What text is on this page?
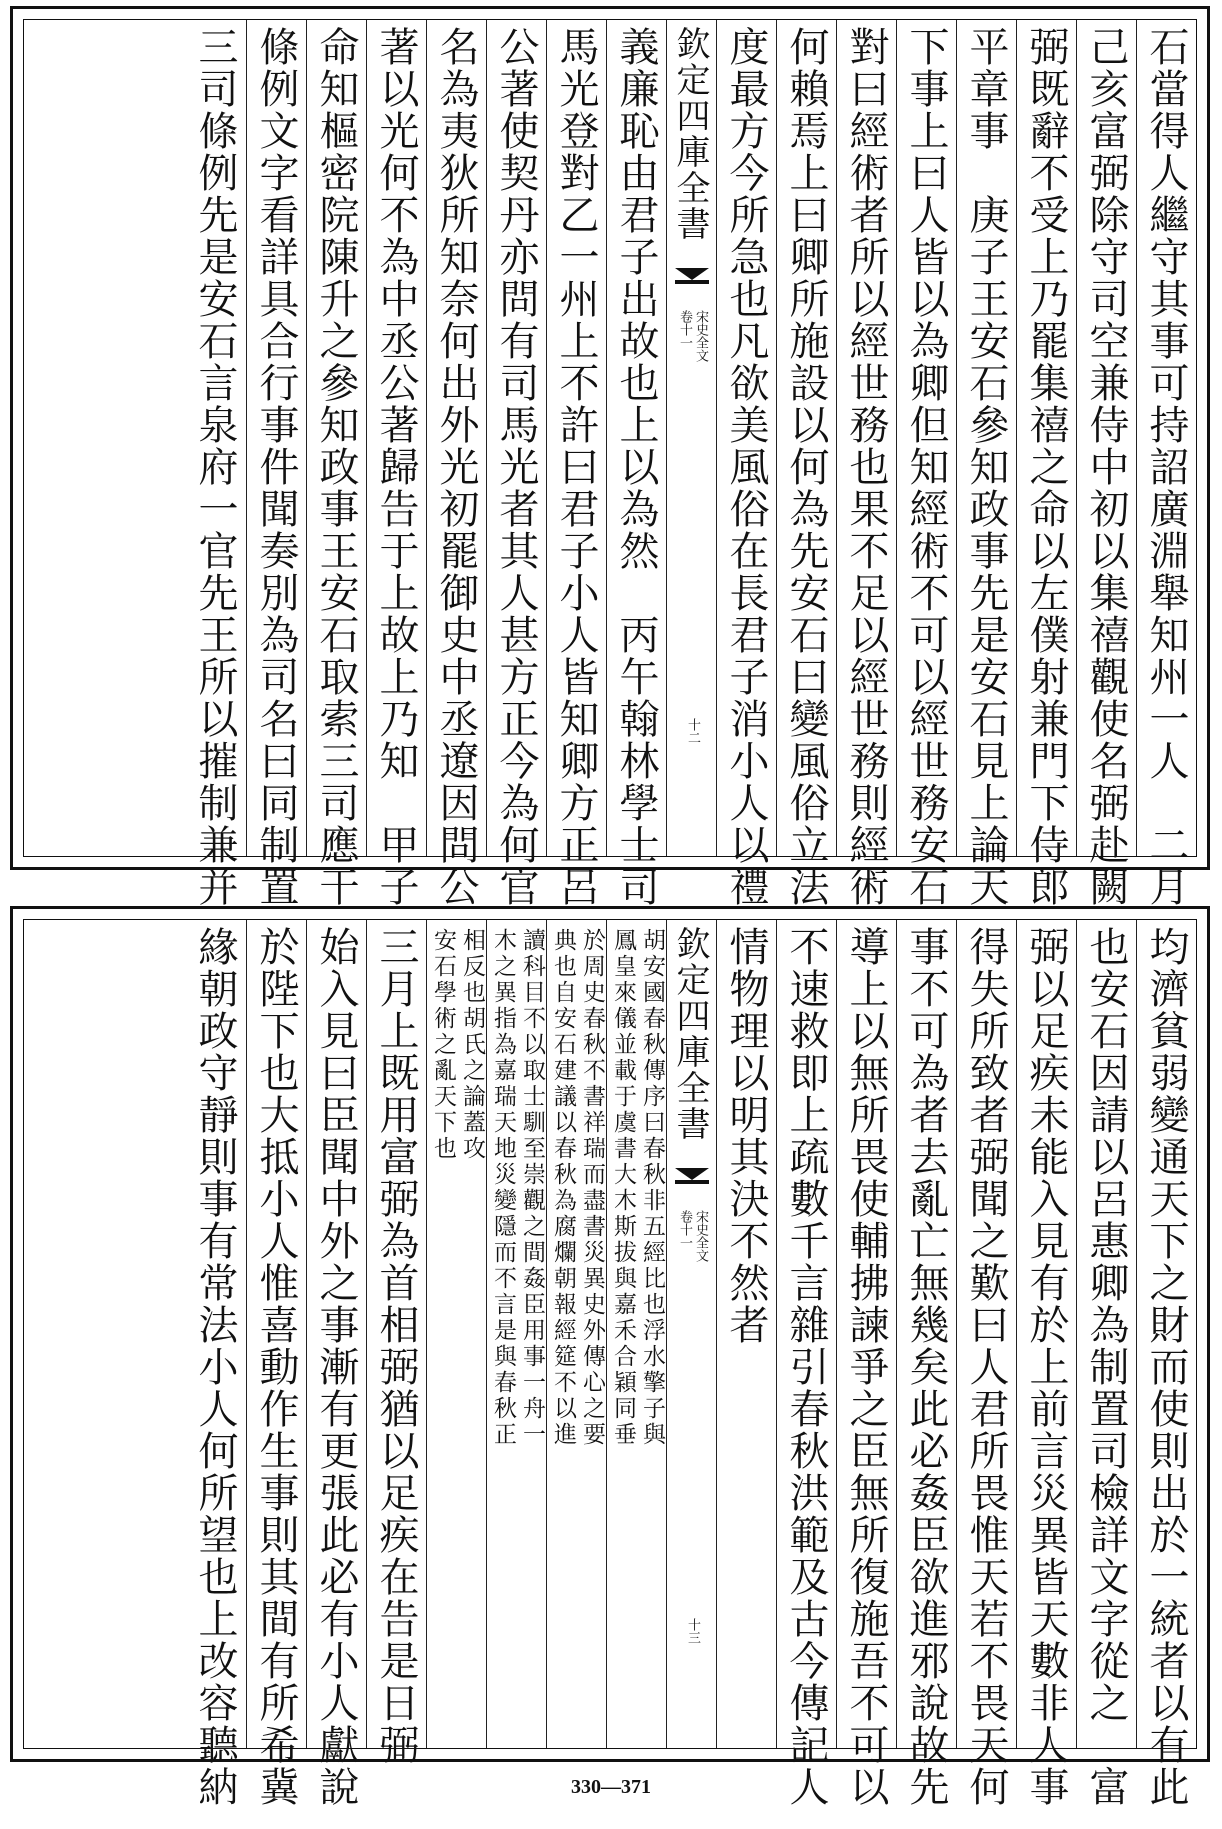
石當得人繼守其事可持詔廣淵舉知州一人　二月
己亥富弼除守司空兼侍中初以集禧觀使名弼赴闕
弼既辭不受上乃罷集禧之命以左僕射兼門下侍郎
平章事　庚子王安石參知政事先是安石見上論天
下事上曰人皆以為卿但知經術不可以經世務安石
對曰經術者所以經世務也果不足以經世務則經術
何賴焉上曰卿所施設以何為先安石曰變風俗立法
度最方今所急也凡欲美風俗在長君子消小人以禮
欽定四庫全書
宋史全文
卷十一
十二
義廉恥由君子出故也上以為然　丙午翰林學士司
馬光登對乙一州上不許曰君子小人皆知卿方正呂
公著使契丹亦問有司馬光者其人甚方正今為何官
名為夷狄所知奈何出外光初罷御史中丞遼因問公
著以光何不為中丞公著歸告于上故上乃知　甲子
命知樞密院陳升之參知政事王安石取索三司應干
條例文字看詳具合行事件聞奏別為司名曰同制置
三司條例先是安石言泉府一官先王所以摧制兼并
均濟貧弱變通天下之財而使則出於一統者以有此
也安石因請以呂惠卿為制置司檢詳文字從之　富
弼以足疾未能入見有於上前言災異皆天數非人事
得失所致者弼聞之歎曰人君所畏惟天若不畏天何
事不可為者去亂亡無幾矣此必姦臣欲進邪說故先
導上以無所畏使輔拂諫爭之臣無所復施吾不可以
不速救即上疏數千言雜引春秋洪範及古今傳記人
情物理以明其決不然者
欽定四庫全書
宋史全文
卷十一
十三
胡安國春秋傳序曰春秋非五經比也浮水擎子與
鳳皇來儀並載于虞書大木斯拔與嘉禾合穎同垂
於周史春秋不書祥瑞而盡書災異史外傳心之要
典也自安石建議以春秋為腐爛朝報經筵不以進
讀科目不以取士馴至崇觀之間姦臣用事一舟一
木之異指為嘉瑞天地災變隱而不言是與春秋正
相反也胡氏之論蓋攻
安石學術之亂天下也
三月上既用富弼為首相弼猶以足疾在告是日弼
始入見曰臣聞中外之事漸有更張此必有小人獻說
於陛下也大抵小人惟喜動作生事則其間有所希冀
緣朝政守靜則事有常法小人何所望也上改容聽納	330—371
